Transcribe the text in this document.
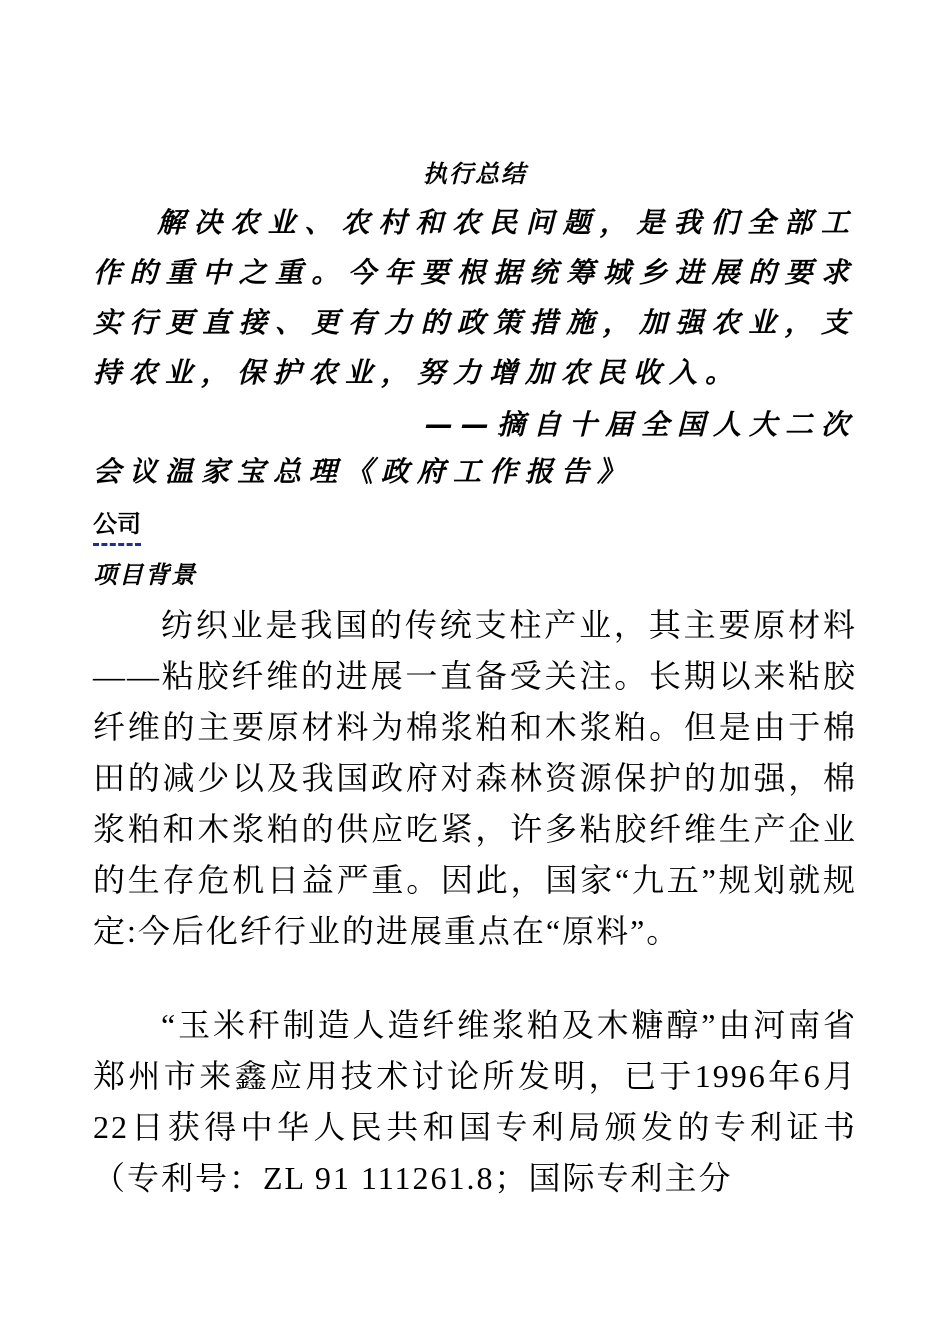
执行总结

解决农业、农村和农民问题，是我们全部工作的重中之重。今年要根据统筹城乡进展的要求实行更直接、更有力的政策措施，加强农业，支持农业，保护农业，努力增加农民收入。

——摘自十届全国人大二次

会议温家宝总理《政府工作报告》

公司

项目背景

纺织业是我国的传统支柱产业，其主要原材料——粘胶纤维的进展一直备受关注。长期以来粘胶纤维的主要原材料为棉浆粕和木浆粕。但是由于棉田的减少以及我国政府对森林资源保护的加强，棉浆粕和木浆粕的供应吃紧，许多粘胶纤维生产企业的生存危机日益严重。因此，国家“九五”规划就规定:今后化纤行业的进展重点在“原料”。

“玉米秆制造人造纤维浆粕及木糖醇”由河南省郑州市来鑫应用技术讨论所发明，已于1996年6月22日获得中华人民共和国专利局颁发的专利证书（专利号：ZL 91 111261.8；国际专利主分
